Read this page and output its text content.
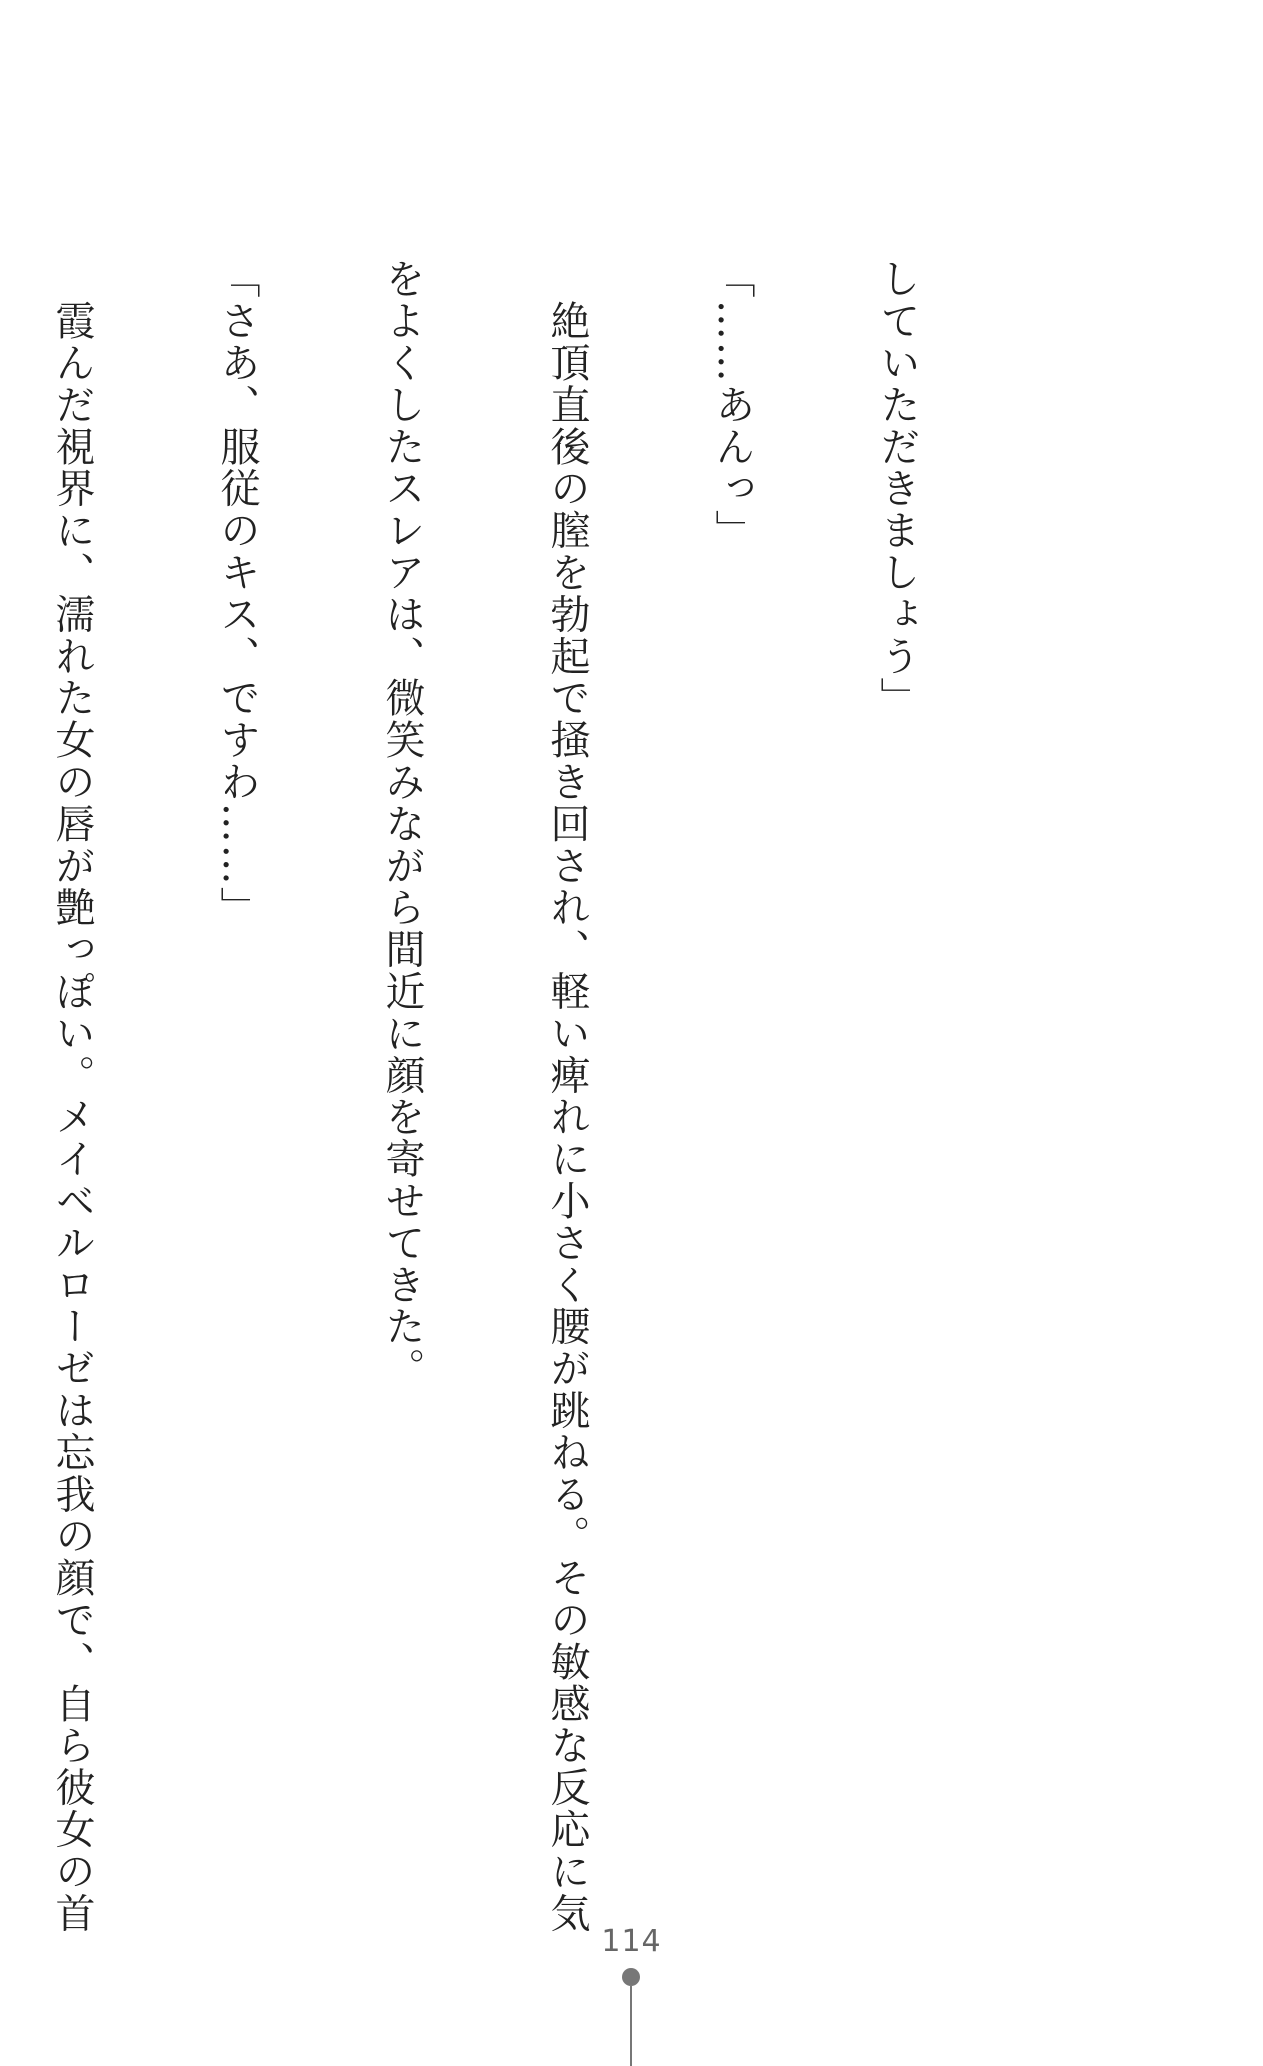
していただきましょう」

「……あんっ」

　絶頂直後の膣を勃起で掻き回され、軽い痺れに小さく腰が跳ねる。その敏感な反応に気

をよくしたスレアは、微笑みながら間近に顔を寄せてきた。

「さあ、服従のキス、ですわ……」

　霞んだ視界に、濡れた女の唇が艶っぽい。メイベルローゼは忘我の顔で、自ら彼女の首

114
